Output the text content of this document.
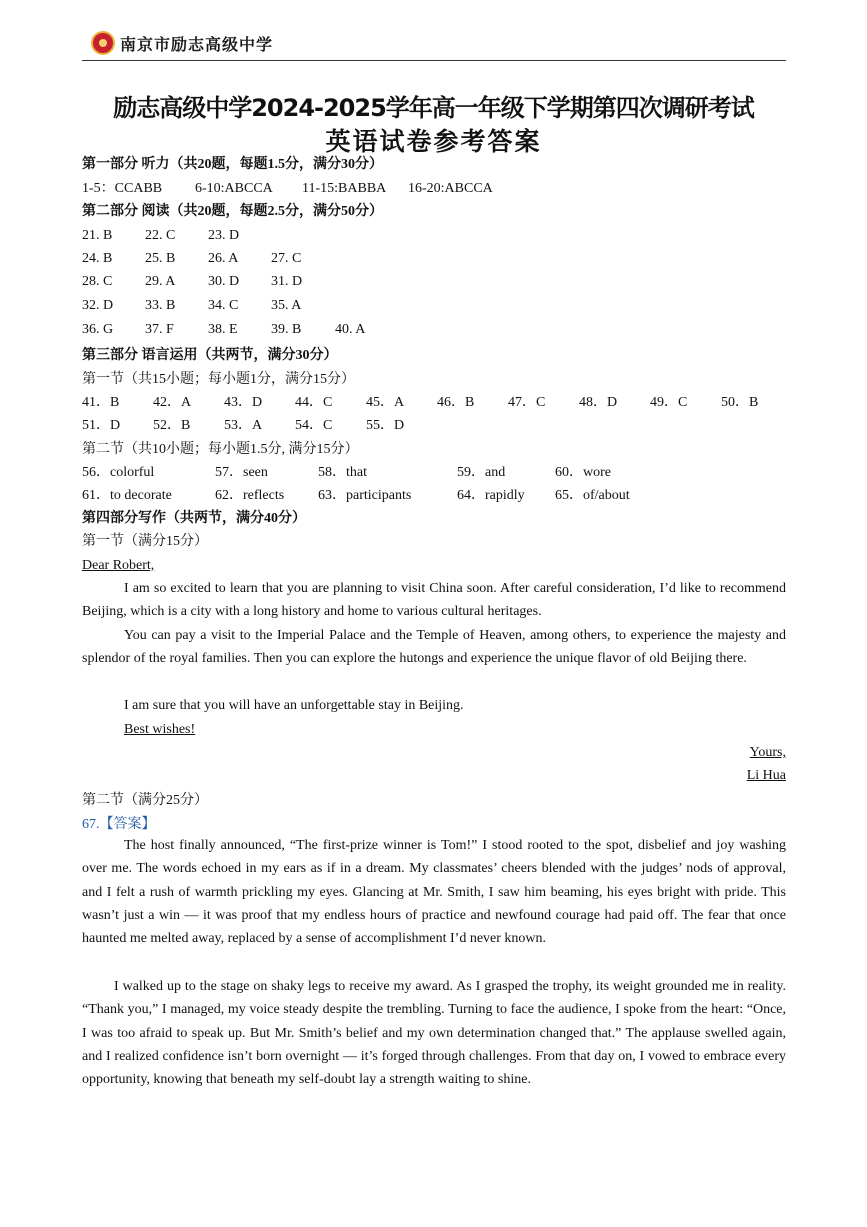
南京市励志高级中学
励志高级中学2024-2025学年高一年级下学期第四次调研考试
英语试卷参考答案
第一部分 听力（共20题，每题1.5分，满分30分）
1-5：CCABB 6-10:ABCCA 11-15:BABBA 16-20:ABCCA
第二部分 阅读（共20题，每题2.5分，满分50分）
21. B 22. C 23. D
24. B 25. B 26. A 27. C
28. C 29. A 30. D 31. D
32. D 33. B 34. C 35. A
36. G 37. F 38. E 39. B 40. A
第三部分 语言运用（共两节，满分30分）
第一节（共15小题；每小题1分，满分15分）
41．B 42．A 43．D 44．C 45．A 46．B 47．C 48．D 49．C 50．B
51．D 52．B 53．A 54．C 55．D
第二节（共10小题；每小题1.5分, 满分15分）
56．colorful	57．seen	58．that	59．and	60．wore
61．to decorate	62．reflects 63．participants	64．rapidly 65．of/about
第四部分写作（共两节，满分40分）
第一节（满分15分）
Dear Robert,
I am so excited to learn that you are planning to visit China soon. After careful consideration, I’d like to recommend Beijing, which is a city with a long history and home to various cultural heritages.
You can pay a visit to the Imperial Palace and the Temple of Heaven, among others, to experience the majesty and splendor of the royal families. Then you can explore the hutongs and experience the unique flavor of old Beijing there.
I am sure that you will have an unforgettable stay in Beijing.
Best wishes!
Yours,
Li Hua
第二节（满分25分）
67.【答案】
The host finally announced, “The first-prize winner is Tom!” I stood rooted to the spot, disbelief and joy washing over me. The words echoed in my ears as if in a dream. My classmates’ cheers blended with the judges’ nods of approval, and I felt a rush of warmth prickling my eyes. Glancing at Mr. Smith, I saw him beaming, his eyes bright with pride. This wasn’t just a win — it was proof that my endless hours of practice and newfound courage had paid off. The fear that once haunted me melted away, replaced by a sense of accomplishment I’d never known.
I walked up to the stage on shaky legs to receive my award. As I grasped the trophy, its weight grounded me in reality. “Thank you,” I managed, my voice steady despite the trembling. Turning to face the audience, I spoke from the heart: “Once, I was too afraid to speak up. But Mr. Smith’s belief and my own determination changed that.” The applause swelled again, and I realized confidence isn’t born overnight — it’s forged through challenges. From that day on, I vowed to embrace every opportunity, knowing that beneath my self-doubt lay a strength waiting to shine.
